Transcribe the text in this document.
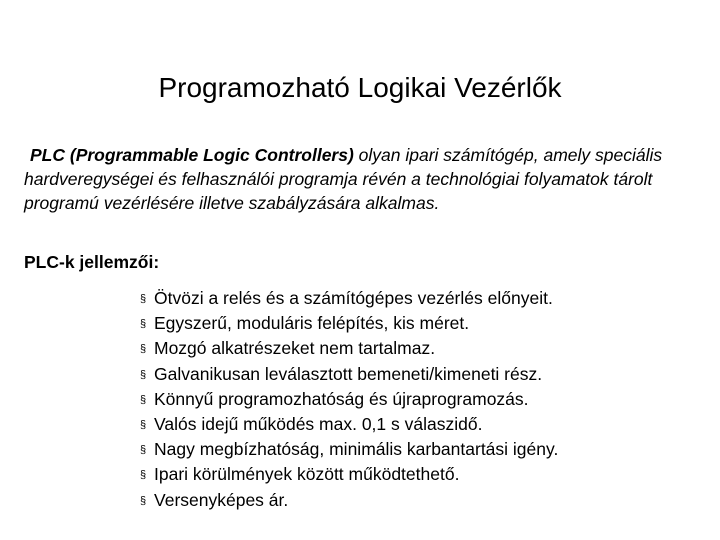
Programozható Logikai Vezérlők

PLC (Programmable Logic Controllers) olyan ipari számítógép, amely speciális hardveregységei és felhasználói programja révén a technológiai folyamatok tárolt programú vezérlésére illetve szabályzására alkalmas.

PLC-k jellemzői:

§ Ötvözi a relés és a számítógépes vezérlés előnyeit.
§ Egyszerű, moduláris felépítés, kis méret.
§ Mozgó alkatrészeket nem tartalmaz.
§ Galvanikusan leválasztott bemeneti/kimeneti rész.
§ Könnyű programozhatóság és újraprogramozás.
§ Valós idejű működés max. 0,1 s válaszidő.
§ Nagy megbízhatóság, minimális karbantartási igény.
§ Ipari körülmények között működtethető.
§ Versenyképes ár.
